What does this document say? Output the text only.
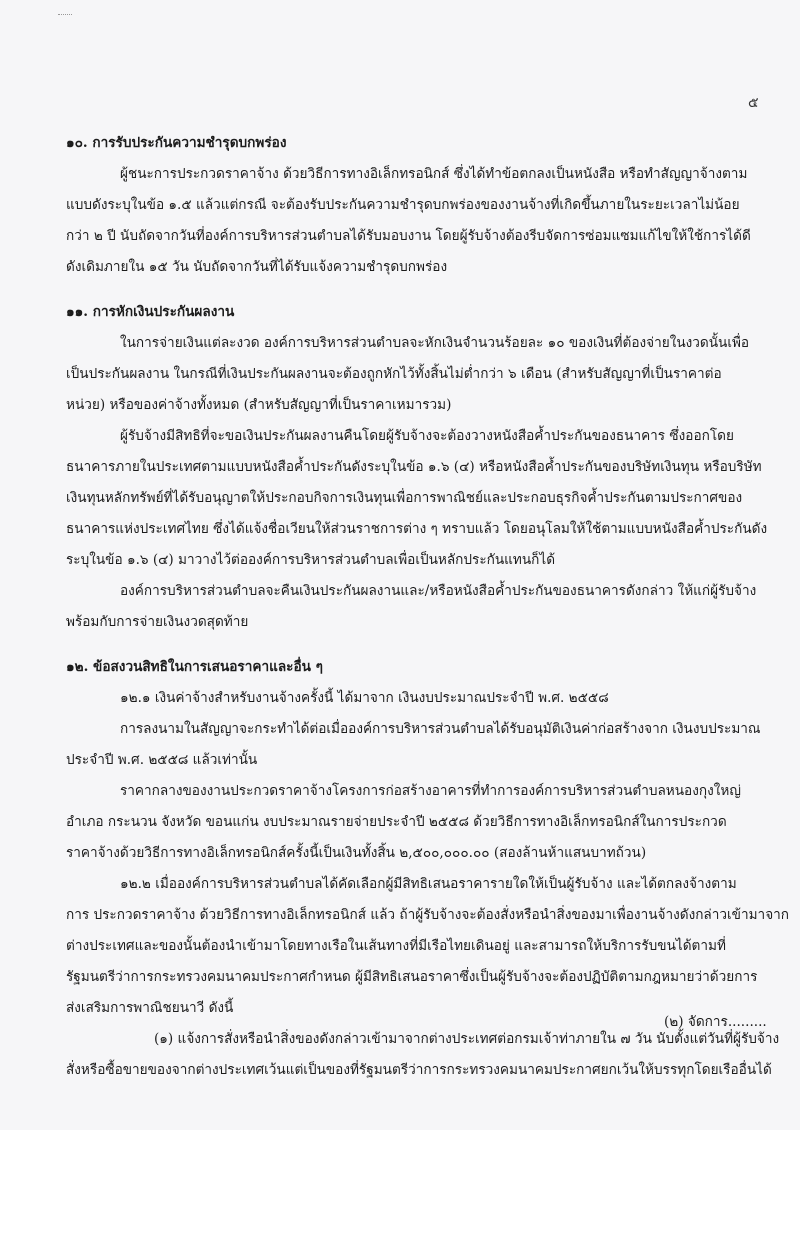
๕

๑๐. การรับประกันความชำรุดบกพร่อง

ผู้ชนะการประกวดราคาจ้าง ด้วยวิธีการทางอิเล็กทรอนิกส์ ซึ่งได้ทำข้อตกลงเป็นหนังสือ หรือทำสัญญาจ้างตาม
แบบดังระบุในข้อ ๑.๕ แล้วแต่กรณี จะต้องรับประกันความชำรุดบกพร่องของงานจ้างที่เกิดขึ้นภายในระยะเวลาไม่น้อย
กว่า ๒ ปี นับถัดจากวันที่องค์การบริหารส่วนตำบลได้รับมอบงาน โดยผู้รับจ้างต้องรีบจัดการซ่อมแซมแก้ไขให้ใช้การได้ดี
ดังเดิมภายใน ๑๕ วัน นับถัดจากวันที่ได้รับแจ้งความชำรุดบกพร่อง

๑๑. การหักเงินประกันผลงาน

ในการจ่ายเงินแต่ละงวด องค์การบริหารส่วนตำบลจะหักเงินจำนวนร้อยละ ๑๐ ของเงินที่ต้องจ่ายในงวดนั้นเพื่อ
เป็นประกันผลงาน ในกรณีที่เงินประกันผลงานจะต้องถูกหักไว้ทั้งสิ้นไม่ต่ำกว่า ๖ เดือน (สำหรับสัญญาที่เป็นราคาต่อ
หน่วย) หรือของค่าจ้างทั้งหมด (สำหรับสัญญาที่เป็นราคาเหมารวม)
ผู้รับจ้างมีสิทธิที่จะขอเงินประกันผลงานคืนโดยผู้รับจ้างจะต้องวางหนังสือค้ำประกันของธนาคาร ซึ่งออกโดย
ธนาคารภายในประเทศตามแบบหนังสือค้ำประกันดังระบุในข้อ ๑.๖ (๔) หรือหนังสือค้ำประกันของบริษัทเงินทุน หรือบริษัท
เงินทุนหลักทรัพย์ที่ได้รับอนุญาตให้ประกอบกิจการเงินทุนเพื่อการพาณิชย์และประกอบธุรกิจค้ำประกันตามประกาศของ
ธนาคารแห่งประเทศไทย ซึ่งได้แจ้งชื่อเวียนให้ส่วนราชการต่าง ๆ ทราบแล้ว โดยอนุโลมให้ใช้ตามแบบหนังสือค้ำประกันดัง
ระบุในข้อ ๑.๖ (๔) มาวางไว้ต่อองค์การบริหารส่วนตำบลเพื่อเป็นหลักประกันแทนก็ได้
องค์การบริหารส่วนตำบลจะคืนเงินประกันผลงานและ/หรือหนังสือค้ำประกันของธนาคารดังกล่าว ให้แก่ผู้รับจ้าง
พร้อมกับการจ่ายเงินงวดสุดท้าย

๑๒. ข้อสงวนสิทธิในการเสนอราคาและอื่น ๆ

๑๒.๑ เงินค่าจ้างสำหรับงานจ้างครั้งนี้ ได้มาจาก เงินงบประมาณประจำปี พ.ศ. ๒๕๕๘
การลงนามในสัญญาจะกระทำได้ต่อเมื่อองค์การบริหารส่วนตำบลได้รับอนุมัติเงินค่าก่อสร้างจาก เงินงบประมาณ
ประจำปี พ.ศ. ๒๕๕๘ แล้วเท่านั้น
ราคากลางของงานประกวดราคาจ้างโครงการก่อสร้างอาคารที่ทำการองค์การบริหารส่วนตำบลหนองกุงใหญ่
อำเภอ กระนวน จังหวัด ขอนแก่น งบประมาณรายจ่ายประจำปี ๒๕๕๘ ด้วยวิธีการทางอิเล็กทรอนิกส์ในการประกวด
ราคาจ้างด้วยวิธีการทางอิเล็กทรอนิกส์ครั้งนี้เป็นเงินทั้งสิ้น ๒,๕๐๐,๐๐๐.๐๐ (สองล้านห้าแสนบาทถ้วน)
๑๒.๒ เมื่อองค์การบริหารส่วนตำบลได้คัดเลือกผู้มีสิทธิเสนอราคารายใดให้เป็นผู้รับจ้าง และได้ตกลงจ้างตาม
การ ประกวดราคาจ้าง ด้วยวิธีการทางอิเล็กทรอนิกส์ แล้ว ถ้าผู้รับจ้างจะต้องสั่งหรือนำสิ่งของมาเพื่องานจ้างดังกล่าวเข้ามาจาก
ต่างประเทศและของนั้นต้องนำเข้ามาโดยทางเรือในเส้นทางที่มีเรือไทยเดินอยู่ และสามารถให้บริการรับขนได้ตามที่
รัฐมนตรีว่าการกระทรวงคมนาคมประกาศกำหนด ผู้มีสิทธิเสนอราคาซึ่งเป็นผู้รับจ้างจะต้องปฏิบัติตามกฎหมายว่าด้วยการ
ส่งเสริมการพาณิชยนาวี ดังนี้
(๑) แจ้งการสั่งหรือนำสิ่งของดังกล่าวเข้ามาจากต่างประเทศต่อกรมเจ้าท่าภายใน ๗ วัน นับตั้งแต่วันที่ผู้รับจ้าง
สั่งหรือซื้อขายของจากต่างประเทศเว้นแต่เป็นของที่รัฐมนตรีว่าการกระทรวงคมนาคมประกาศยกเว้นให้บรรทุกโดยเรืออื่นได้
(๒) จัดการ.........
